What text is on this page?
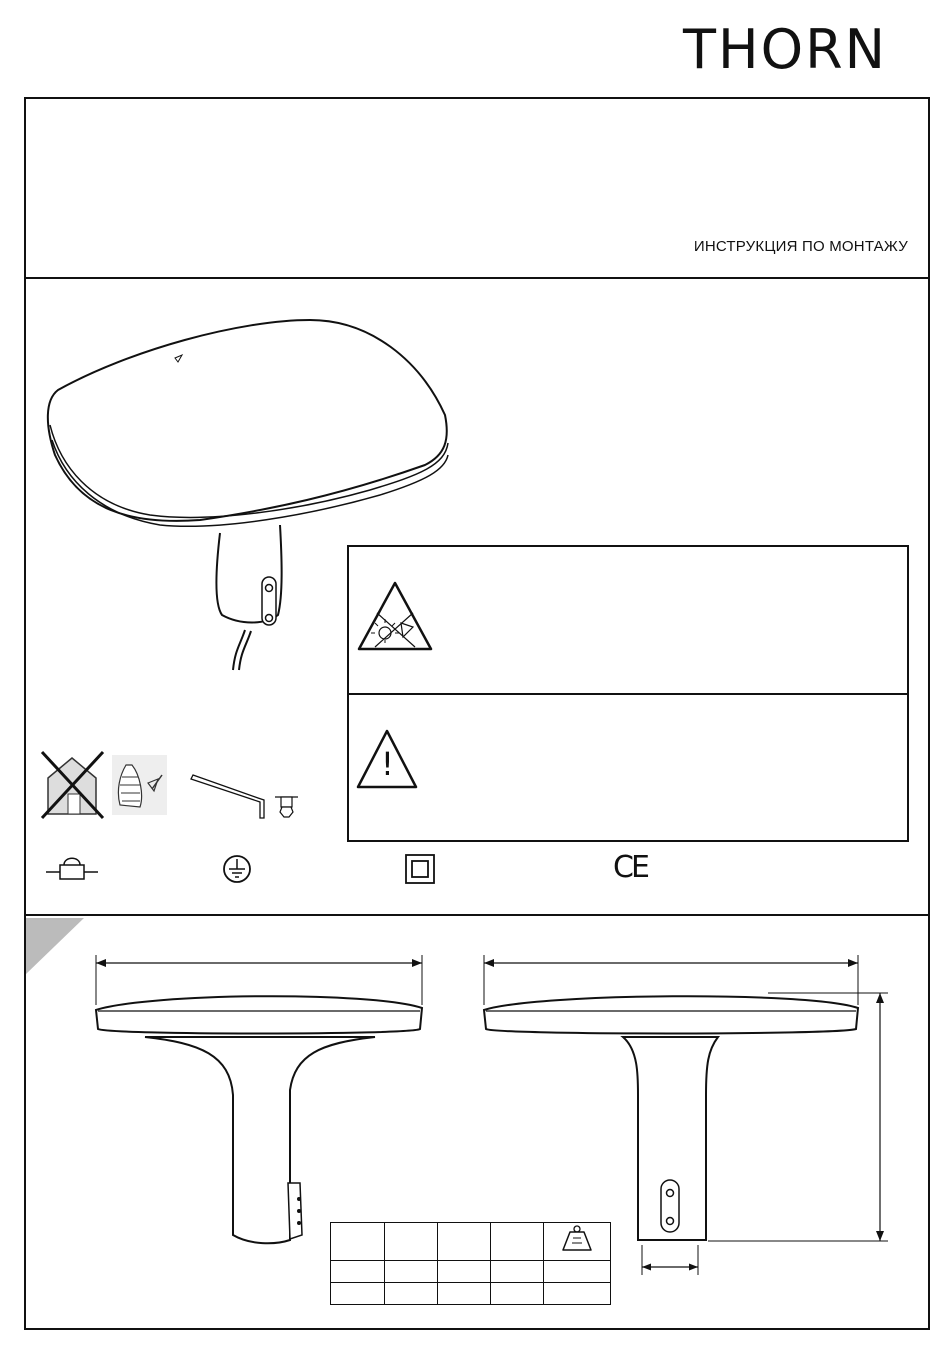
THORN
ИНСТРУКЦИЯ ПО МОНТАЖУ
CE
!
